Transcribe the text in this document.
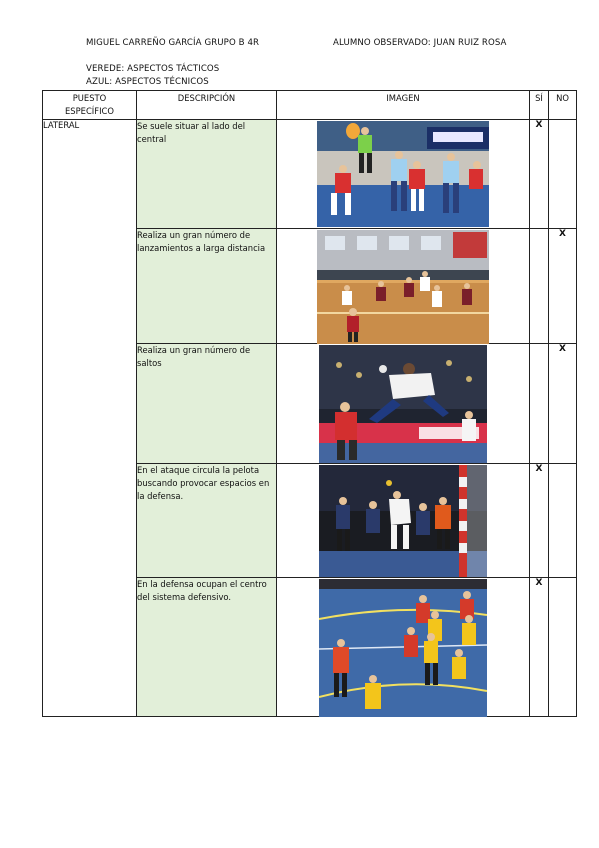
MIGUEL CARREÑO GARCÍA GRUPO B 4R	ALUMNO OBSERVADO: JUAN RUIZ ROSA
VEREDE: ASPECTOS TÁCTICOS
AZUL: ASPECTOS TÉCNICOS
PUESTO
ESPECÍFICO	DESCRIPCIÓN	IMAGEN	SÍ	NO
LATERAL	Se suele situar al lado del central		X	
	Realiza un gran número de lanzamientos a larga distancia			X
	Realiza un gran número de saltos			X
	En el ataque circula la pelota buscando provocar espacios en la defensa.		X	
	En la defensa ocupan el centro del sistema defensivo.		X	
